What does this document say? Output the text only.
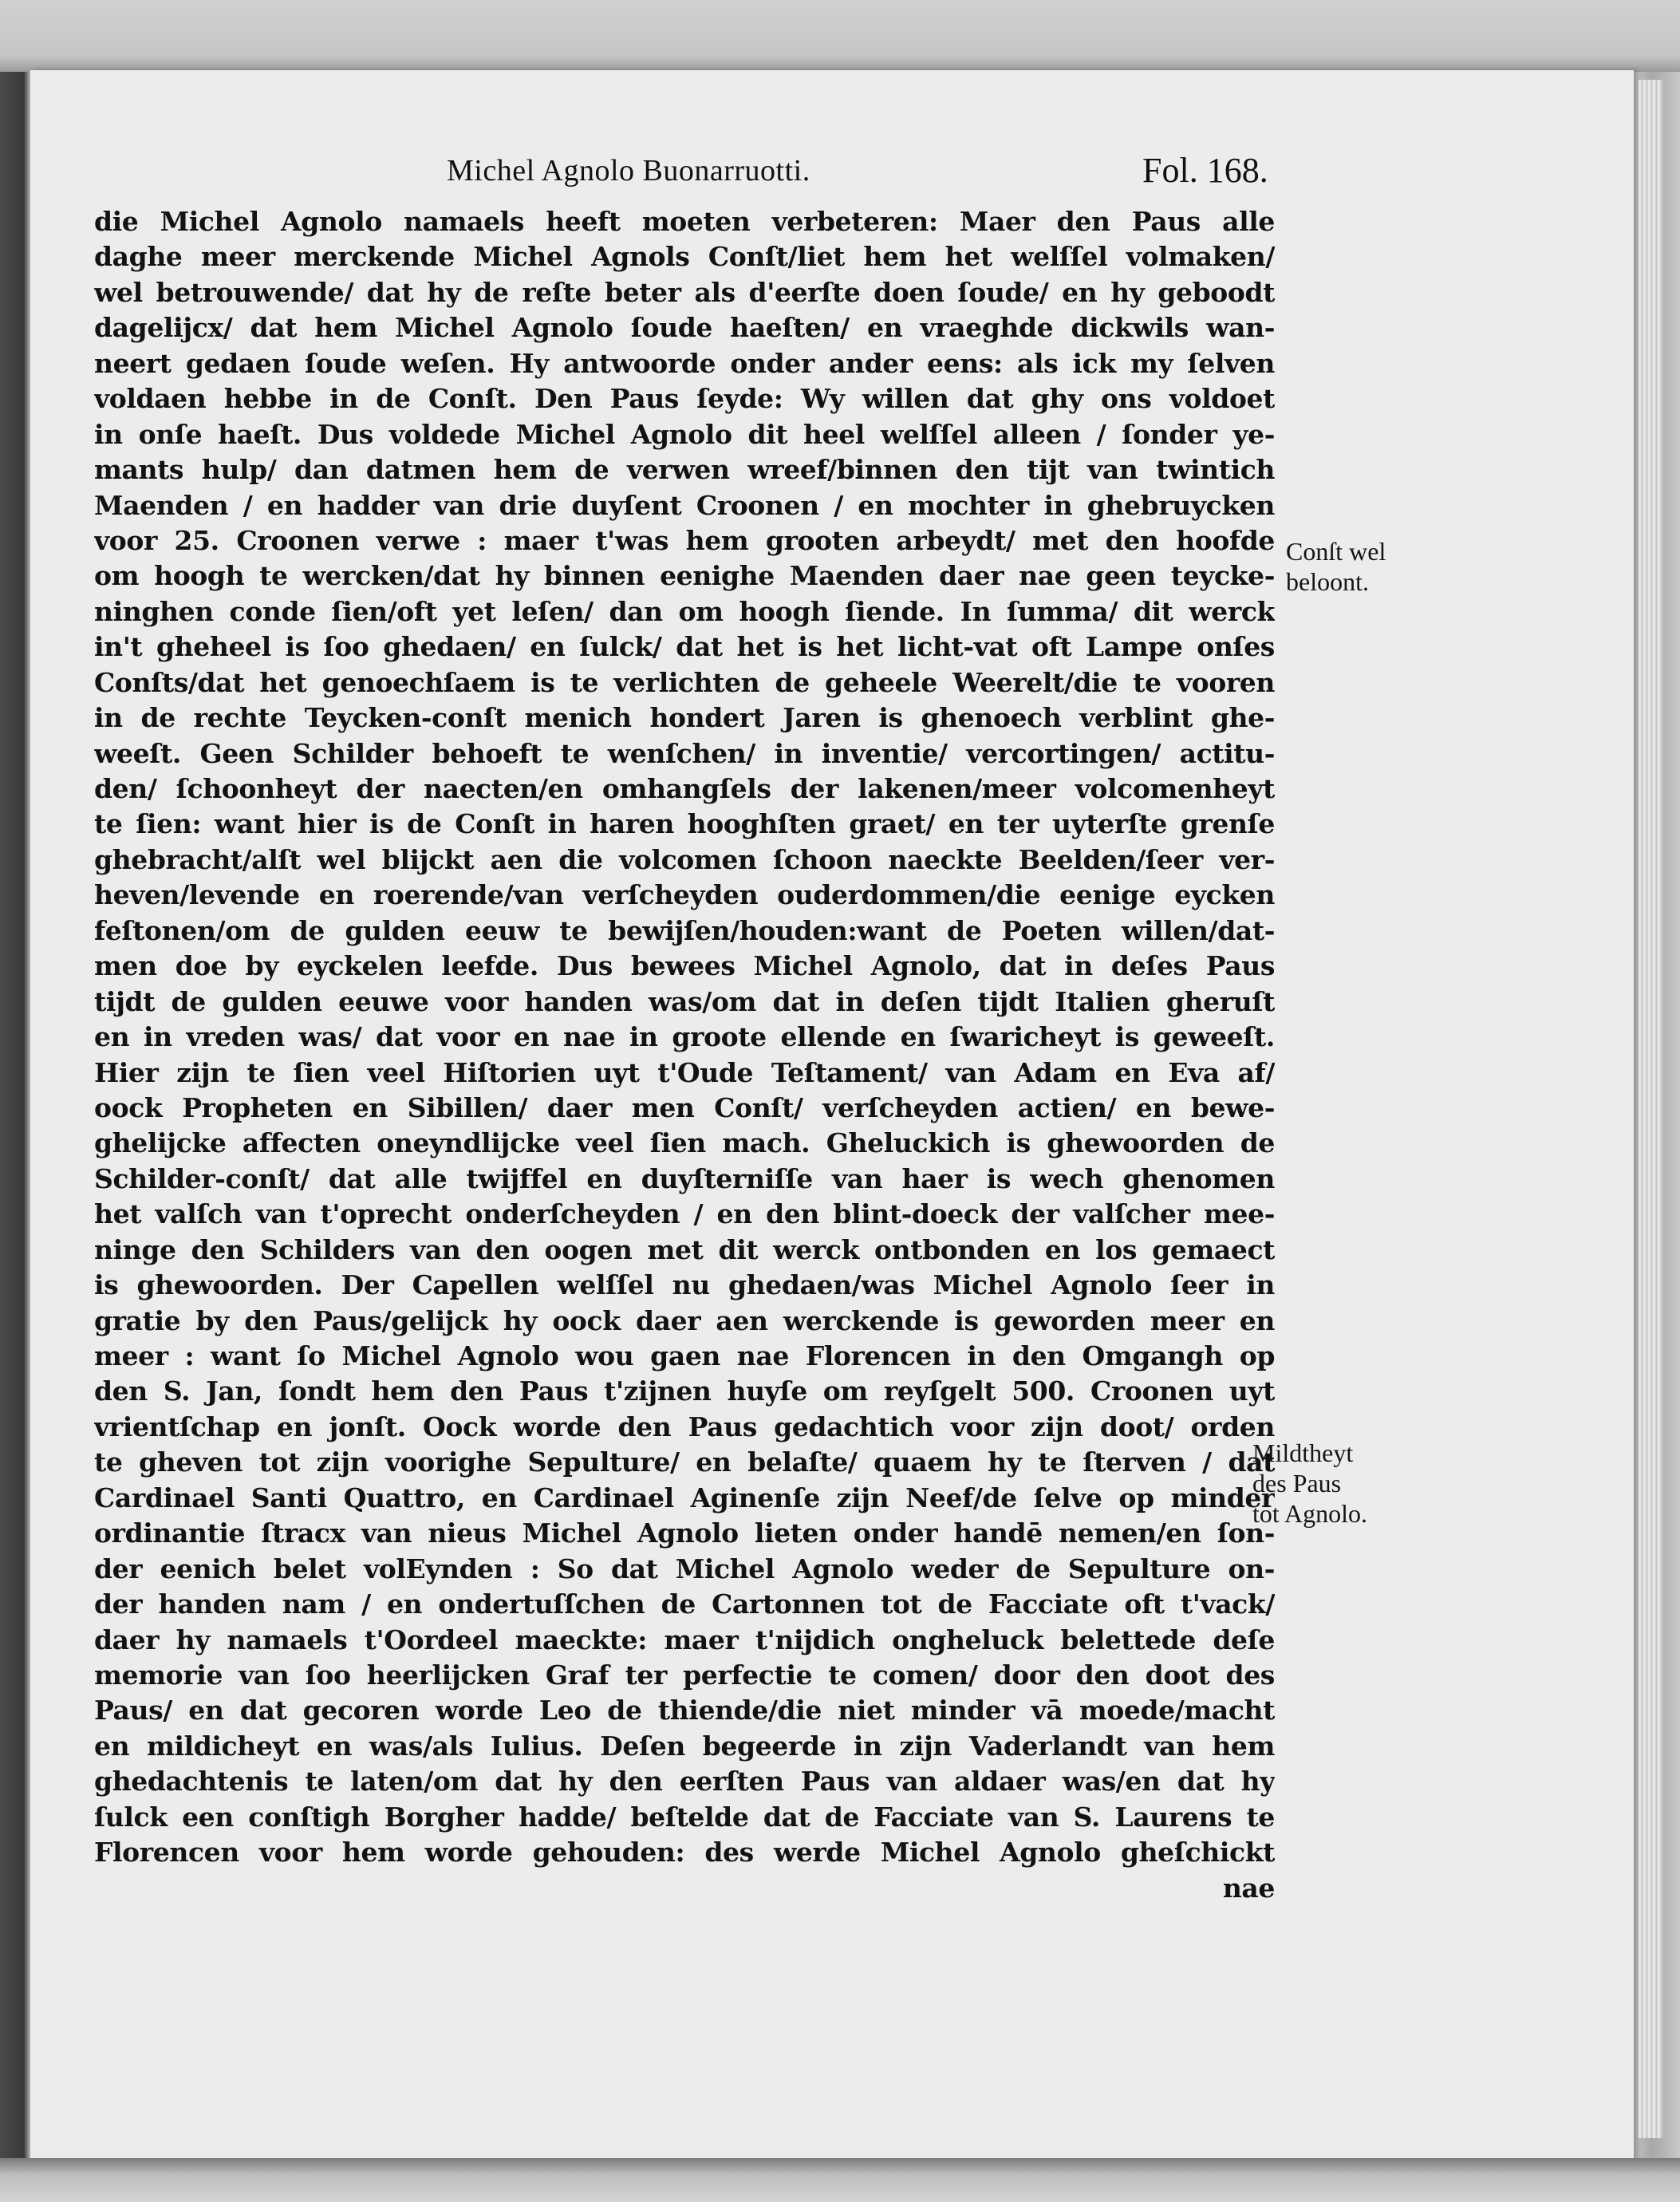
Michel Agnolo Buonarruotti.	Fol. 168.
die Michel Agnolo namaels heeft moeten verbeteren: Maer den Paus alle
daghe meer merckende Michel Agnols Conſt/liet hem het welſſel volmaken/
wel betrouwende/ dat hy de reſte beter als d'eerſte doen ſoude/ en hy geboodt
dagelijcx/ dat hem Michel Agnolo ſoude haeſten/ en vraeghde dickwils wan-
neert gedaen ſoude weſen. Hy antwoorde onder ander eens: als ick my ſelven
voldaen hebbe in de Conſt. Den Paus ſeyde: Wy willen dat ghy ons voldoet
in onſe haeſt. Dus voldede Michel Agnolo dit heel welſſel alleen / ſonder ye-
mants hulp/ dan datmen hem de verwen wreef/binnen den tijt van twintich
Maenden / en hadder van drie duyſent Croonen / en mochter in ghebruycken
voor 25. Croonen verwe : maer t'was hem grooten arbeydt/ met den hoofde
om hoogh te wercken/dat hy binnen eenighe Maenden daer nae geen teycke-
ninghen conde ſien/oft yet leſen/ dan om hoogh ſiende. In ſumma/ dit werck
in't gheheel is ſoo ghedaen/ en ſulck/ dat het is het licht-vat oft Lampe onſes
Conſts/dat het genoechſaem is te verlichten de geheele Weerelt/die te vooren
in de rechte Teycken-conſt menich hondert Jaren is ghenoech verblint ghe-
weeſt. Geen Schilder behoeft te wenſchen/ in inventie/ vercortingen/ actitu-
den/ ſchoonheyt der naecten/en omhangſels der lakenen/meer volcomenheyt
te ſien: want hier is de Conſt in haren hooghſten graet/ en ter uyterſte grenſe
ghebracht/alſt wel blijckt aen die volcomen ſchoon naeckte Beelden/ſeer ver-
heven/levende en roerende/van verſcheyden ouderdommen/die eenige eycken
feſtonen/om de gulden eeuw te bewijſen/houden:want de Poeten willen/dat-
men doe by eyckelen leefde. Dus bewees Michel Agnolo, dat in deſes Paus
tijdt de gulden eeuwe voor handen was/om dat in deſen tijdt Italien gheruſt
en in vreden was/ dat voor en nae in groote ellende en ſwaricheyt is geweeſt.
Hier zijn te ſien veel Hiſtorien uyt t'Oude Teſtament/ van Adam en Eva af/
oock Propheten en Sibillen/ daer men Conſt/ verſcheyden actien/ en bewe-
ghelijcke affecten oneyndlijcke veel ſien mach. Gheluckich is ghewoorden de
Schilder-conſt/ dat alle twijffel en duyſterniſſe van haer is wech ghenomen
het valſch van t'oprecht onderſcheyden / en den blint-doeck der valſcher mee-
ninge den Schilders van den oogen met dit werck ontbonden en los gemaect
is ghewoorden. Der Capellen welſſel nu ghedaen/was Michel Agnolo ſeer in
gratie by den Paus/gelijck hy oock daer aen werckende is geworden meer en
meer : want ſo Michel Agnolo wou gaen nae Florencen in den Omgangh op
den S. Jan, ſondt hem den Paus t'zijnen huyſe om reyſgelt 500. Croonen uyt
vrientſchap en jonſt. Oock worde den Paus gedachtich voor zijn doot/ orden
te gheven tot zijn voorighe Sepulture/ en belaſte/ quaem hy te ſterven / dat
Cardinael Santi Quattro, en Cardinael Aginenſe zijn Neef/de ſelve op minder
ordinantie ſtracx van nieus Michel Agnolo lieten onder handē nemen/en ſon-
der eenich belet volEynden : So dat Michel Agnolo weder de Sepulture on-
der handen nam / en ondertuſſchen de Cartonnen tot de Facciate oft t'vack/
daer hy namaels t'Oordeel maeckte: maer t'nijdich ongheluck belettede deſe
memorie van ſoo heerlijcken Graf ter perfectie te comen/ door den doot des
Paus/ en dat gecoren worde Leo de thiende/die niet minder vā moede/macht
en mildicheyt en was/als Iulius. Deſen begeerde in zijn Vaderlandt van hem
ghedachtenis te laten/om dat hy den eerſten Paus van aldaer was/en dat hy
ſulck een conſtigh Borgher hadde/ beſtelde dat de Facciate van S. Laurens te
Florencen voor hem worde gehouden: des werde Michel Agnolo gheſchickt
nae
Conſt wel
beloont.
Mildtheyt
des Paus
tot Agnolo.
